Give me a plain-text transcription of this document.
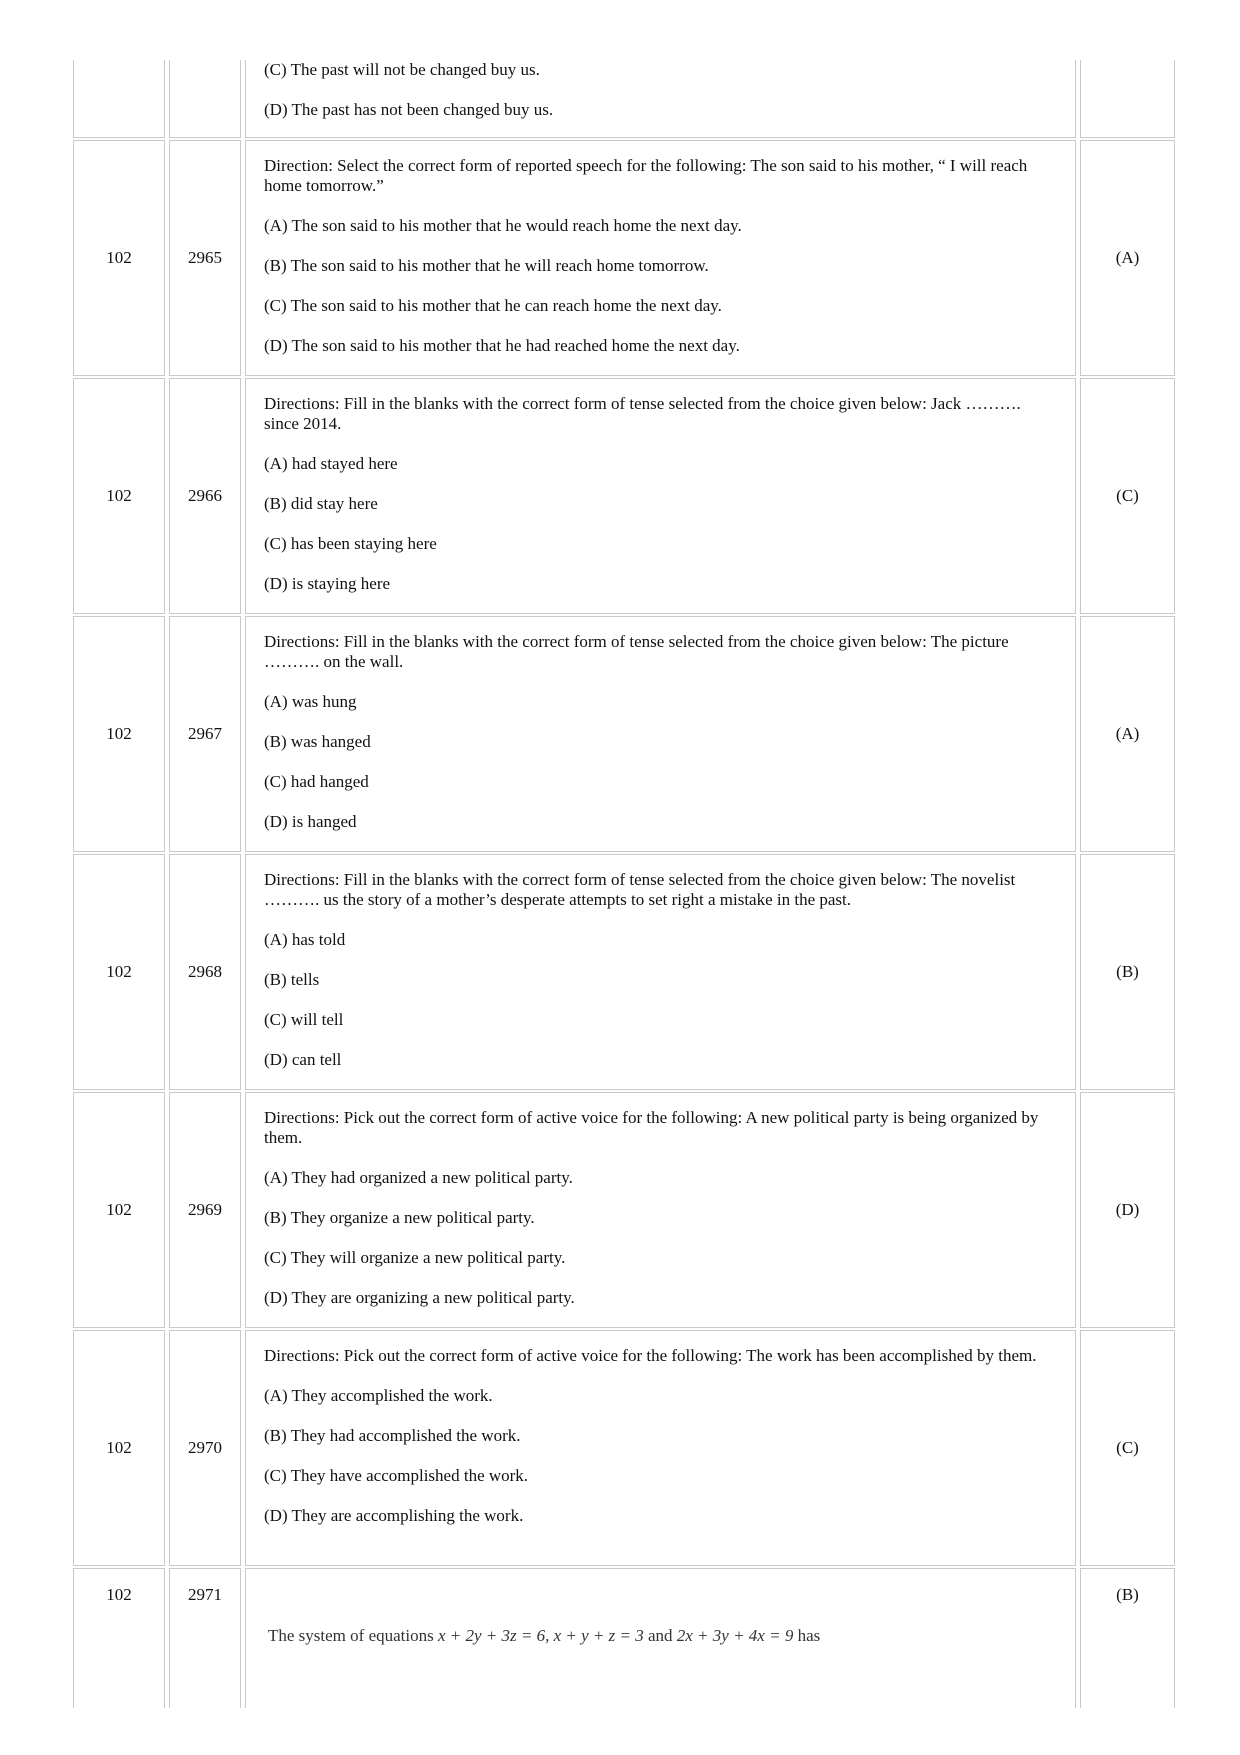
(C) The past will not be changed buy us.

(D) The past has not been changed buy us.

102	2965

Direction: Select the correct form of reported speech for the following: The son said to his mother, “ I will reach home tomorrow.”

(A) The son said to his mother that he would reach home the next day.

(B) The son said to his mother that he will reach home tomorrow.

(C) The son said to his mother that he can reach home the next day.

(D) The son said to his mother that he had reached home the next day.

(A)
102	2966

Directions: Fill in the blanks with the correct form of tense selected from the choice given below: Jack ………. since 2014.

(A) had stayed here

(B) did stay here

(C) has been staying here

(D) is staying here

(C)
102	2967

Directions: Fill in the blanks with the correct form of tense selected from the choice given below: The picture ………. on the wall.

(A) was hung

(B) was hanged

(C) had hanged

(D) is hanged

(A)
102	2968

Directions: Fill in the blanks with the correct form of tense selected from the choice given below: The novelist ………. us the story of a mother’s desperate attempts to set right a mistake in the past.

(A) has told

(B) tells

(C) will tell

(D) can tell

(B)
102	2969

Directions: Pick out the correct form of active voice for the following: A new political party is being organized by them.

(A) They had organized a new political party.

(B) They organize a new political party.

(C) They will organize a new political party.

(D) They are organizing a new political party.

(D)
102	2970

Directions: Pick out the correct form of active voice for the following: The work has been accomplished by them.

(A) They accomplished the work.

(B) They had accomplished the work.

(C) They have accomplished the work.

(D) They are accomplishing the work.

(C)
102	2971
The system of equations x + 2y + 3z = 6, x + y + z = 3 and 2x + 3y + 4x = 9 has
(B)
